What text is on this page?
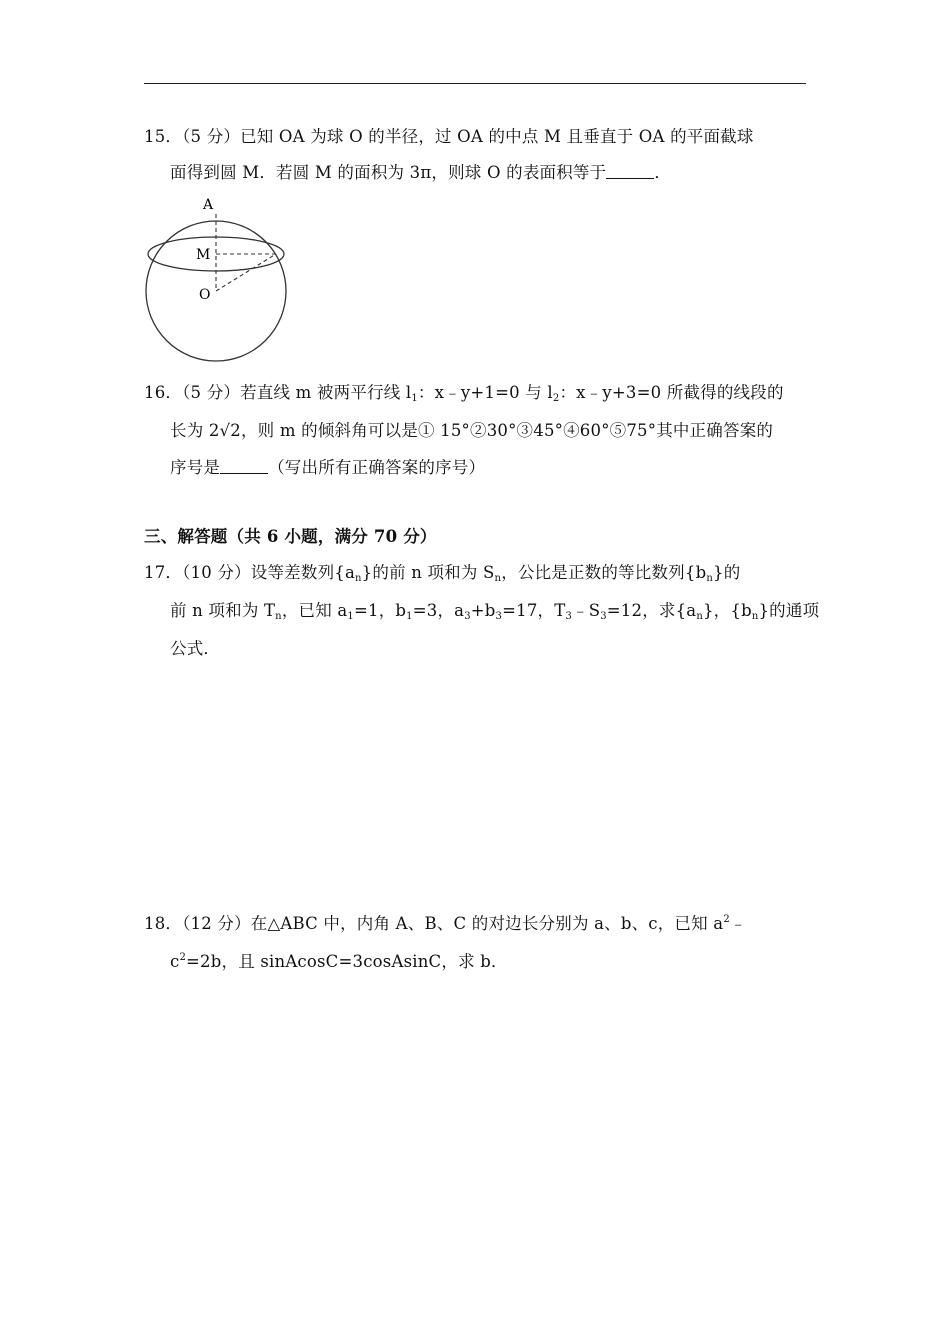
15．（5 分）已知 OA 为球 O 的半径，过 OA 的中点 M 且垂直于 OA 的平面截球
面得到圆 M．若圆 M 的面积为 3π，则球 O 的表面积等于	．
A
M
O
16．（5 分）若直线 m 被两平行线 $l_1$：x﹣y+1=0 与 $l_2$：x﹣y+3=0 所截得的线段的
长为 2√2，则 m 的倾斜角可以是① 15°②30°③45°④60°⑤75°其中正确答案的
序号是	（写出所有正确答案的序号）
三、解答题（共 6 小题，满分 70 分）
17．（10 分）设等差数列$\{a_n\}$的前 n 项和为 $S_n$，公比是正数的等比数列$\{b_n\}$的
前 n 项和为 $T_n$，已知 $a_1=1$，$b_1=3$，$a_3+b_3=17$，$T_3﹣S_3=12$，求$\{a_n\}$，$\{b_n\}$的通项
公式．
18．（12 分）在△ABC 中，内角 A、B、C 的对边长分别为 a、b、c，已知 $a^2﹣$
$c^2=2b$，且 sinAcosC=3cosAsinC，求 b．
